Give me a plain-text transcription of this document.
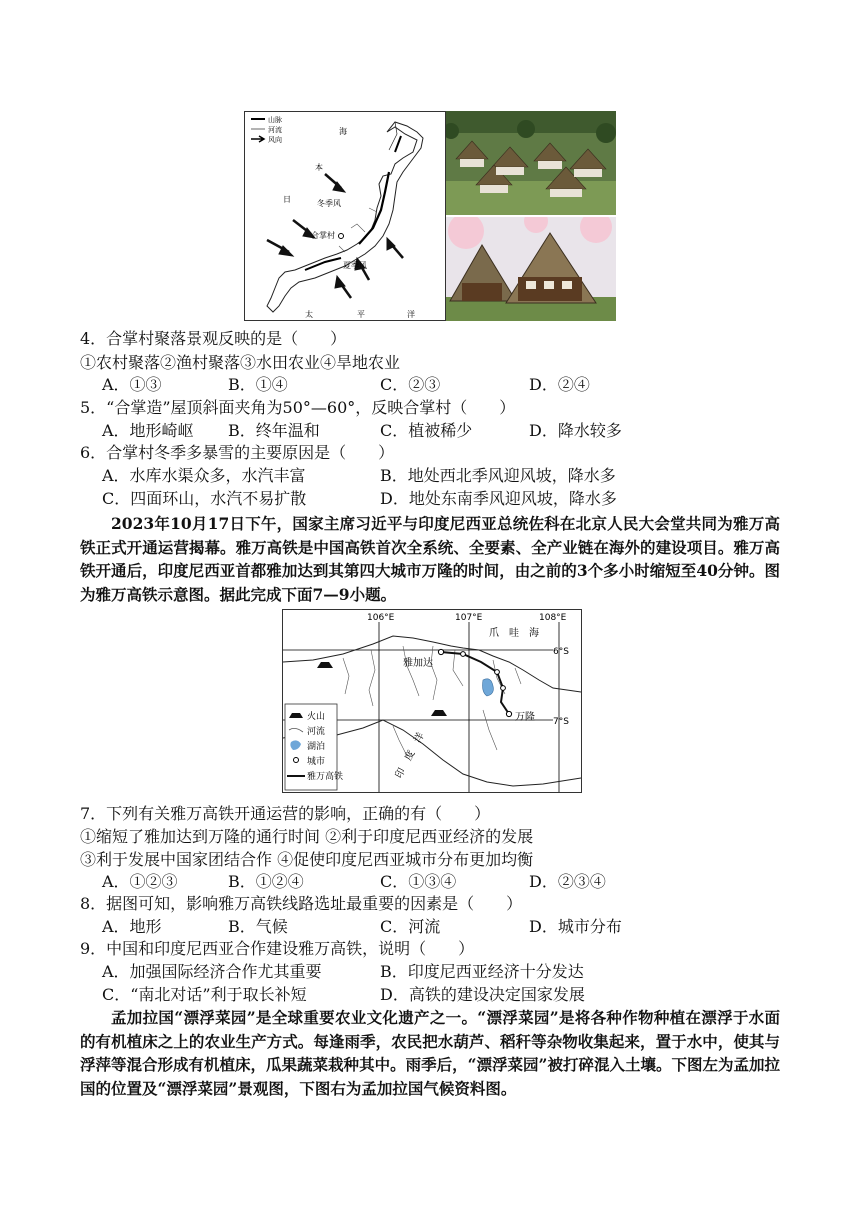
山脉
河流
风向
海
本
日	冬季风
合掌村
夏季风
太	平	洋
4．合掌村聚落景观反映的是（　　）
①农村聚落②渔村聚落③水田农业④旱地农业
A．①③	B．①④	C．②③	D．②④
5．“合掌造”屋顶斜面夹角为50°—60°，反映合掌村（　　）
A．地形崎岖 B．终年温和	C．植被稀少	D．降水较多
6．合掌村冬季多暴雪的主要原因是（　　）
A．水库水渠众多，水汽丰富	B．地处西北季风迎风坡，降水多
C．四面环山，水汽不易扩散	D．地处东南季风迎风坡，降水多
2023年10月17日下午，国家主席习近平与印度尼西亚总统佐科在北京人民大会堂共同为雅万高铁正式开通运营揭幕。雅万高铁是中国高铁首次全系统、全要素、全产业链在海外的建设项目。雅万高铁开通后，印度尼西亚首都雅加达到其第四大城市万隆的时间，由之前的3个多小时缩短至40分钟。图为雅万高铁示意图。据此完成下面7—9小题。
106°E	107°E	108°E
6°S
7°S
爪　哇　海
雅加达
万隆
印　度　洋
火山
河流
湖泊
城市
雅万高铁
7．下列有关雅万高铁开通运营的影响，正确的有（　　）
①缩短了雅加达到万隆的通行时间 ②利于印度尼西亚经济的发展
③利于发展中国家团结合作 ④促使印度尼西亚城市分布更加均衡
A．①②③	B．①②④	C．①③④	D．②③④
8．据图可知，影响雅万高铁线路选址最重要的因素是（　　）
A．地形	B．气候	C．河流	D．城市分布
9．中国和印度尼西亚合作建设雅万高铁，说明（　　）
A．加强国际经济合作尤其重要	B．印度尼西亚经济十分发达
C．“南北对话”利于取长补短	D．高铁的建设决定国家发展
孟加拉国“漂浮菜园”是全球重要农业文化遗产之一。“漂浮菜园”是将各种作物种植在漂浮于水面的有机植床之上的农业生产方式。每逢雨季，农民把水葫芦、稻秆等杂物收集起来，置于水中，使其与浮萍等混合形成有机植床，瓜果蔬菜栽种其中。雨季后，“漂浮菜园”被打碎混入土壤。下图左为孟加拉国的位置及“漂浮菜园”景观图，下图右为孟加拉国气候资料图。
